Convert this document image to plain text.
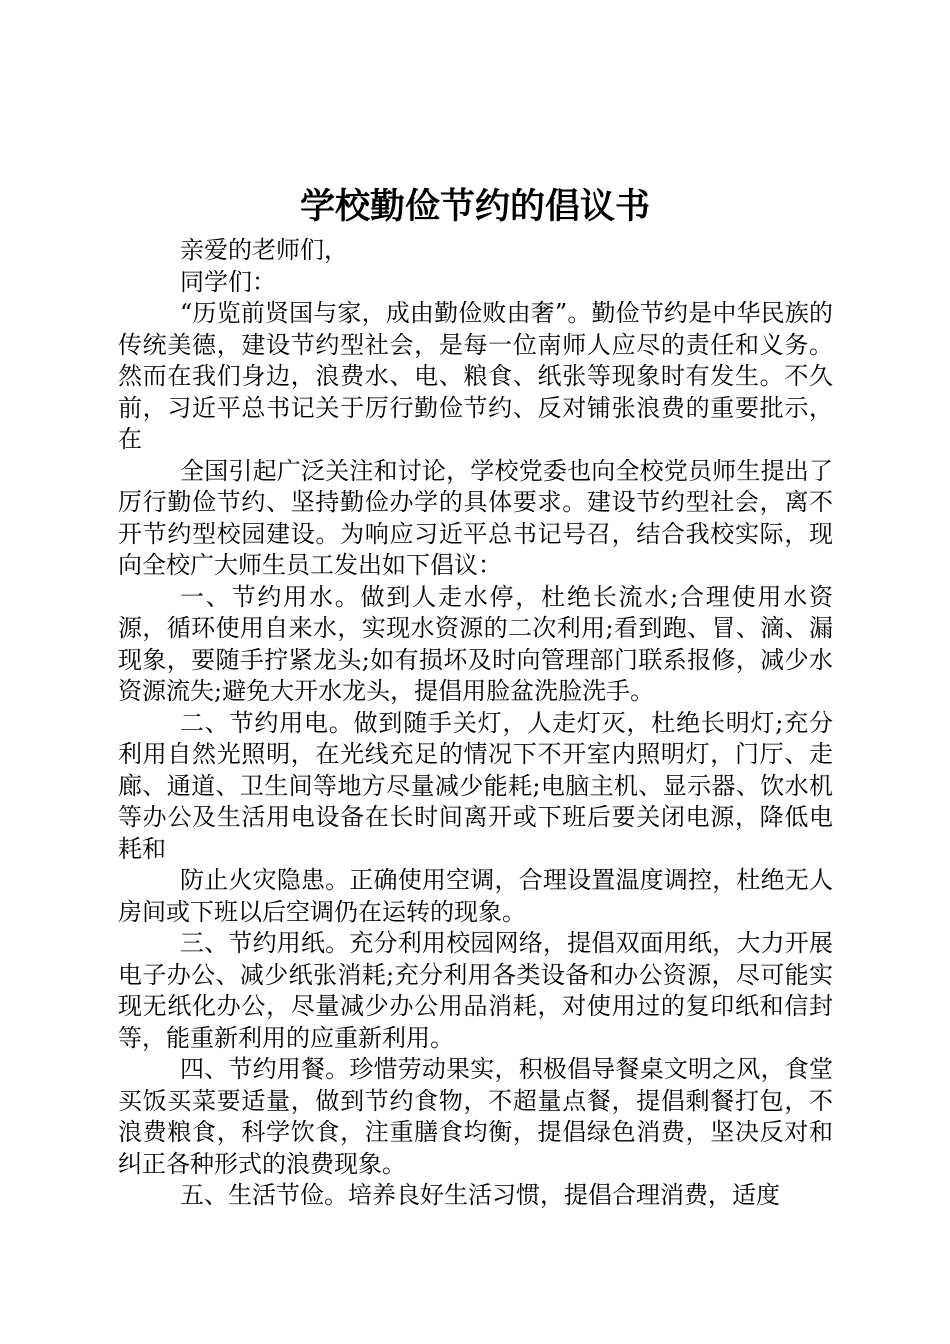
学校勤俭节约的倡议书

亲爱的老师们，

同学们：

“历览前贤国与家，成由勤俭败由奢”。勤俭节约是中华民族的传统美德，建设节约型社会，是每一位南师人应尽的责任和义务。然而在我们身边，浪费水、电、粮食、纸张等现象时有发生。不久前，习近平总书记关于厉行勤俭节约、反对铺张浪费的重要批示，在

全国引起广泛关注和讨论，学校党委也向全校党员师生提出了厉行勤俭节约、坚持勤俭办学的具体要求。建设节约型社会，离不开节约型校园建设。为响应习近平总书记号召，结合我校实际，现向全校广大师生员工发出如下倡议：

一、节约用水。做到人走水停，杜绝长流水;合理使用水资源，循环使用自来水，实现水资源的二次利用;看到跑、冒、滴、漏现象，要随手拧紧龙头;如有损坏及时向管理部门联系报修，减少水资源流失;避免大开水龙头，提倡用脸盆洗脸洗手。

二、节约用电。做到随手关灯，人走灯灭，杜绝长明灯;充分利用自然光照明，在光线充足的情况下不开室内照明灯，门厅、走廊、通道、卫生间等地方尽量减少能耗;电脑主机、显示器、饮水机等办公及生活用电设备在长时间离开或下班后要关闭电源，降低电耗和

防止火灾隐患。正确使用空调，合理设置温度调控，杜绝无人房间或下班以后空调仍在运转的现象。

三、节约用纸。充分利用校园网络，提倡双面用纸，大力开展电子办公、减少纸张消耗;充分利用各类设备和办公资源，尽可能实现无纸化办公，尽量减少办公用品消耗，对使用过的复印纸和信封等，能重新利用的应重新利用。

四、节约用餐。珍惜劳动果实，积极倡导餐桌文明之风，食堂买饭买菜要适量，做到节约食物，不超量点餐，提倡剩餐打包，不浪费粮食，科学饮食，注重膳食均衡，提倡绿色消费，坚决反对和纠正各种形式的浪费现象。

五、生活节俭。培养良好生活习惯，提倡合理消费，适度
